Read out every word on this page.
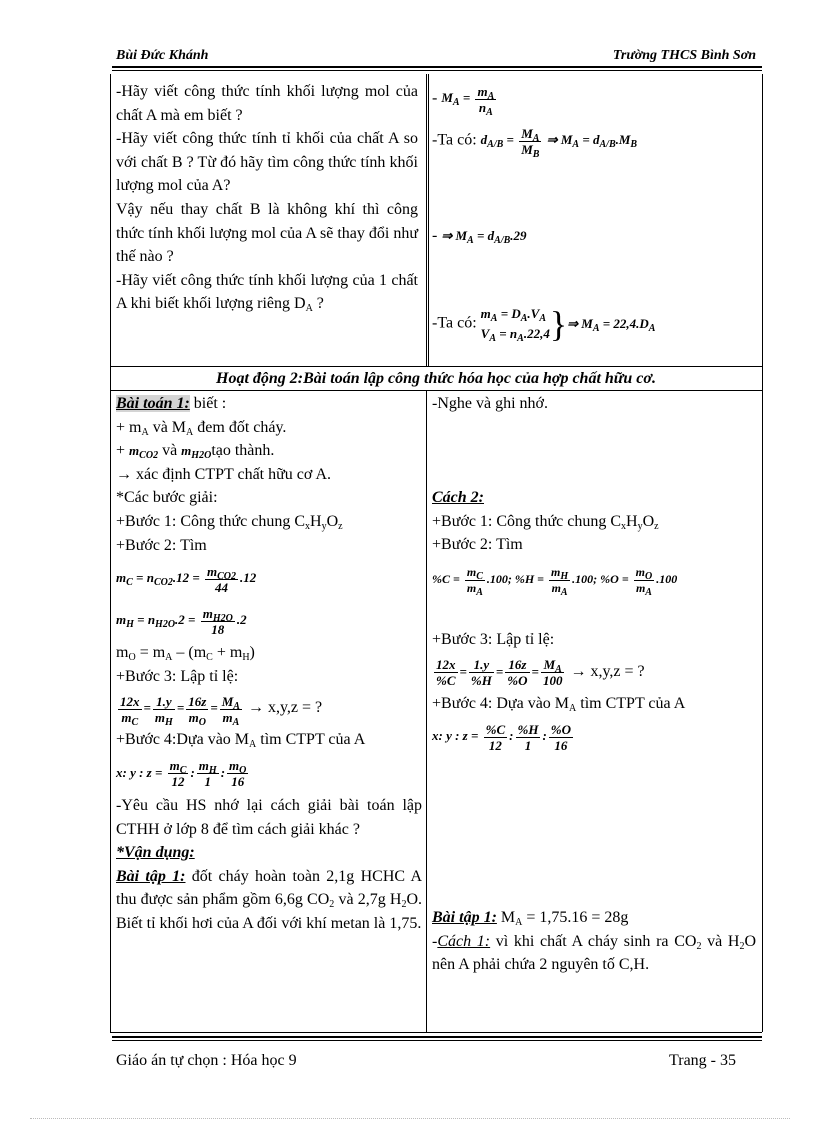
Bùi Đức Khánh	Trường THCS Bình Sơn
-Hãy viết công thức tính khối lượng mol của chất A mà em biết ?
-Hãy viết công thức tính tỉ khối của chất A so với chất B ? Từ đó hãy tìm công thức tính khối lượng mol của A?
Vậy nếu thay chất B là không khí thì công thức tính khối lượng mol của A sẽ thay đổi như thế nào ?
-Hãy viết công thức tính khối lượng của 1 chất A khi biết khối lượng riêng $D_A$ ?
- $M_A = \frac{m_A}{n_A}$
-Ta có: $d_{A/B} = \frac{M_A}{M_B}$ ⇒ $M_A = d_{A/B}.M_B$
- ⇒ $M_A = d_{A/B}.29$
-Ta có:
$m_A = D_A.V_A$
$V_A = n_A.22,4$ }⇒ $M_A = 22,4.D_A$
Hoạt động 2:Bài toán lập công thức hóa học của hợp chất hữu cơ.
Bài toán 1: biết :
+ $m_A$ và $M_A$ đem đốt cháy.
+ $m_{CO2}$ và $m_{H2O}tạo$ thành.
→ xác định CTPT chất hữu cơ A.
*Các bước giải:
+Bước 1: Công thức chung $C_xH_yO_z$
+Bước 2: Tìm
$m_C = n_{CO2}.12 = \frac{m_{CO2}}{44} .12$
$m_H = n_{H2O}.2 = \frac{m_{H2O}}{18} .2$
$m_O = m_A - (m_C + m_H)$
+Bước 3: Lập tỉ lệ:
$\frac{12x}{m_C} = \frac{1.y}{m_H} = \frac{16z}{m_O} = \frac{M_A}{m_A} \to x,y,z$ = ?
+Bước 4:Dựa vào $M_A$ tìm CTPT của A
x: y : $z = \frac{m_C}{12}$ : $\frac{m_H}{1}$ : $\frac{m_O}{16}$
-Yêu cầu HS nhớ lại cách giải bài toán lập CTHH ở lớp 8 để tìm cách giải khác ?
*Vận dụng:
Bài tập 1: đốt cháy hoàn toàn 2,1g HCHC A thu được sản phẩm gồm 6,6g $CO_2$ và 2,7g $H_2O$. Biết tỉ khối hơi của A đối với khí metan là 1,75.
-Nghe và ghi nhớ.
Cách 2:
+Bước 1: Công thức chung $C_xH_yO_z$
+Bước 2: Tìm
$\%C = \frac{m_C}{m_A} .100$; $\%H = \frac{m_H}{m_A} .100$; $\%O = \frac{m_O}{m_A} .100$
+Bước 3: Lập tỉ lệ:
$\frac{12x}{\%C} = \frac{1.y}{\%H} = \frac{16z}{\%O} = \frac{M_A}{100} \to x,y,z$ = ?
+Bước 4: Dựa vào $M_A$ tìm CTPT của A
x: y : $z = \frac{\%C}{12}$ : $\frac{\%H}{1}$ : $\frac{\%O}{16}$
Bài tập 1: $M_A = 1,75.16 = 28g$
-Cách 1: vì khi chất A cháy sinh ra $CO_2$ và $H_2O$ nên A phải chứa 2 nguyên tố C,H.
Giáo án tự chọn : Hóa học 9	Trang - 35
